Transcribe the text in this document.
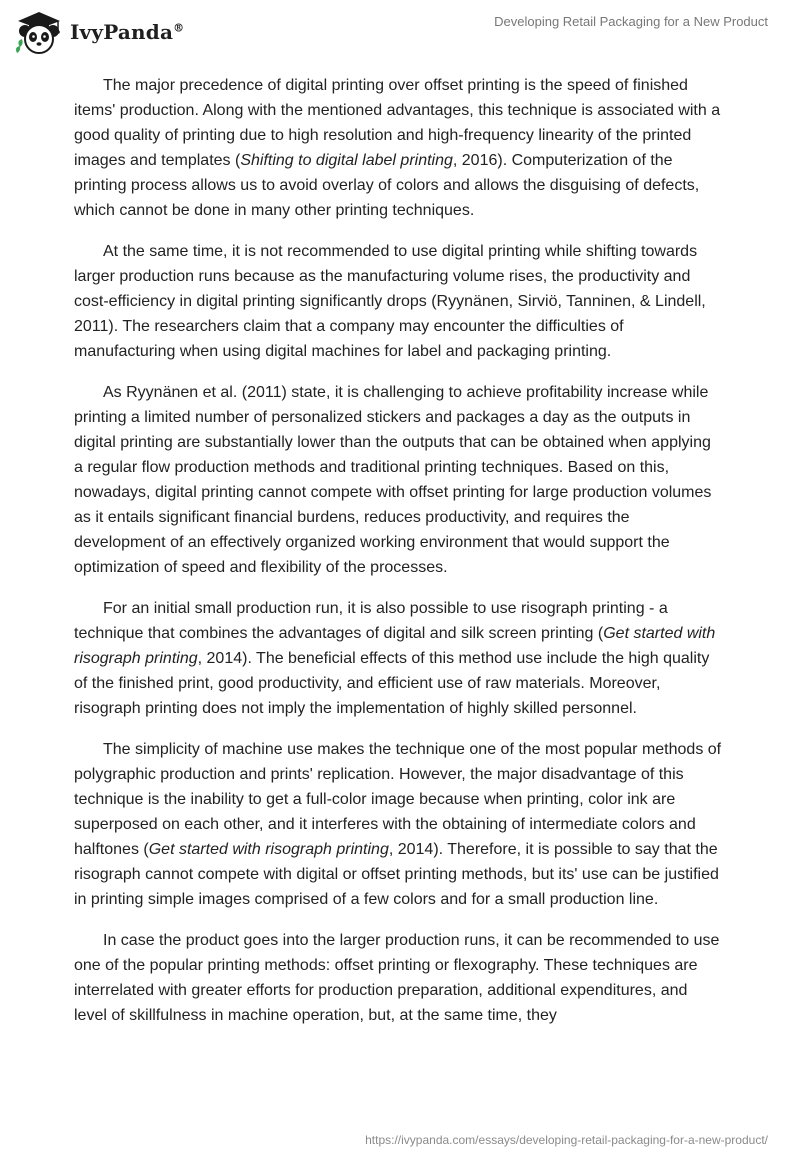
IvyPanda®	Developing Retail Packaging for a New Product

The major precedence of digital printing over offset printing is the speed of finished items' production. Along with the mentioned advantages, this technique is associated with a good quality of printing due to high resolution and high-frequency linearity of the printed images and templates (Shifting to digital label printing, 2016). Computerization of the printing process allows us to avoid overlay of colors and allows the disguising of defects, which cannot be done in many other printing techniques.

At the same time, it is not recommended to use digital printing while shifting towards larger production runs because as the manufacturing volume rises, the productivity and cost-efficiency in digital printing significantly drops (Ryynänen, Sirviö, Tanninen, & Lindell, 2011). The researchers claim that a company may encounter the difficulties of manufacturing when using digital machines for label and packaging printing.

As Ryynänen et al. (2011) state, it is challenging to achieve profitability increase while printing a limited number of personalized stickers and packages a day as the outputs in digital printing are substantially lower than the outputs that can be obtained when applying a regular flow production methods and traditional printing techniques. Based on this, nowadays, digital printing cannot compete with offset printing for large production volumes as it entails significant financial burdens, reduces productivity, and requires the development of an effectively organized working environment that would support the optimization of speed and flexibility of the processes.

For an initial small production run, it is also possible to use risograph printing - a technique that combines the advantages of digital and silk screen printing (Get started with risograph printing, 2014). The beneficial effects of this method use include the high quality of the finished print, good productivity, and efficient use of raw materials. Moreover, risograph printing does not imply the implementation of highly skilled personnel.

The simplicity of machine use makes the technique one of the most popular methods of polygraphic production and prints' replication. However, the major disadvantage of this technique is the inability to get a full-color image because when printing, color ink are superposed on each other, and it interferes with the obtaining of intermediate colors and halftones (Get started with risograph printing, 2014). Therefore, it is possible to say that the risograph cannot compete with digital or offset printing methods, but its' use can be justified in printing simple images comprised of a few colors and for a small production line.

In case the product goes into the larger production runs, it can be recommended to use one of the popular printing methods: offset printing or flexography. These techniques are interrelated with greater efforts for production preparation, additional expenditures, and level of skillfulness in machine operation, but, at the same time, they

https://ivypanda.com/essays/developing-retail-packaging-for-a-new-product/
